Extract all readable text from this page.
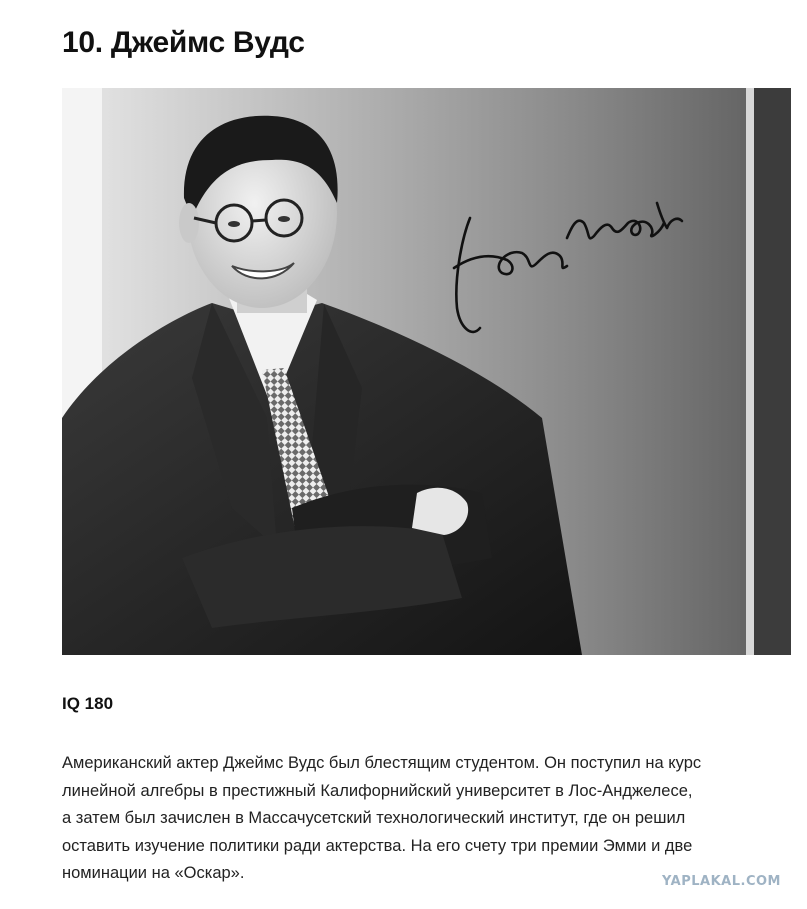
10. Джеймс Вудс

IQ 180

Американский актер Джеймс Вудс был блестящим студентом. Он поступил на курс
линейной алгебры в престижный Калифорнийский университет в Лос-Анджелесе,
а затем был зачислен в Массачусетский технологический институт, где он решил
оставить изучение политики ради актерства. На его счету три премии Эмми и две
номинации на «Оскар».	YAPLAKAL.COM
